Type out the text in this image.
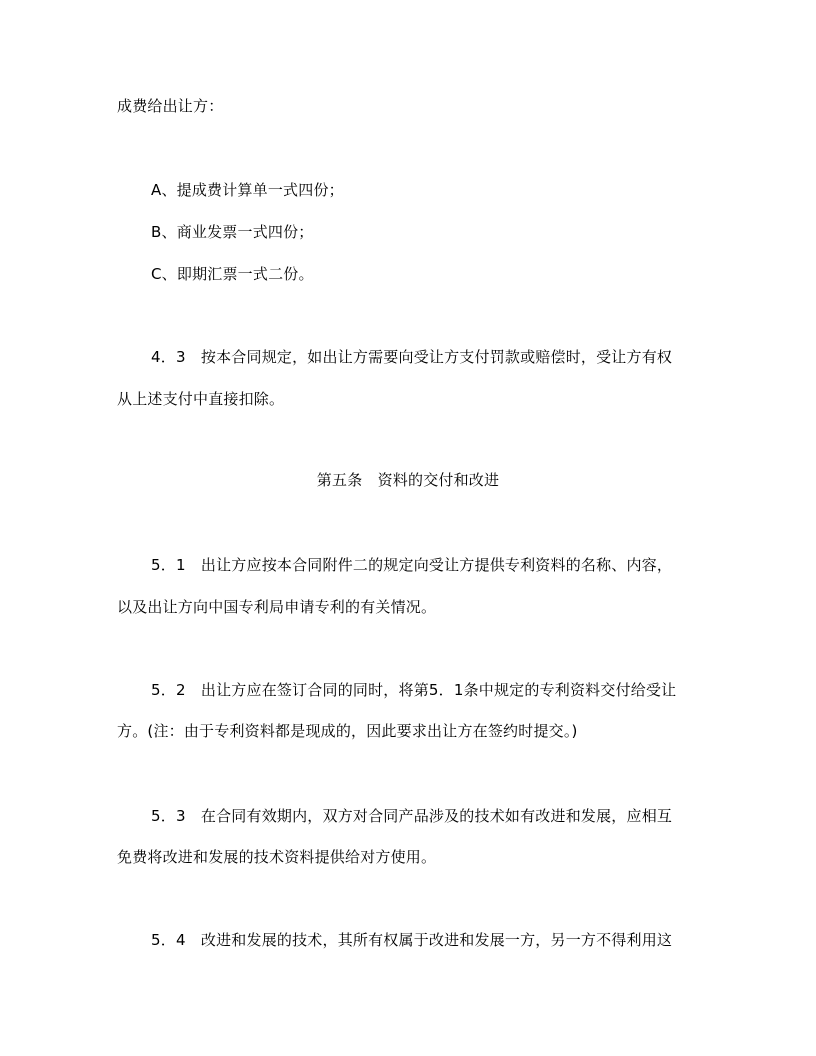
成费给出让方：
A、提成费计算单一式四份；
B、商业发票一式四份；
C、即期汇票一式二份。
4．3　按本合同规定，如出让方需要向受让方支付罚款或赔偿时，受让方有权
从上述支付中直接扣除。
第五条　资料的交付和改进
5．1　出让方应按本合同附件二的规定向受让方提供专利资料的名称、内容，
以及出让方向中国专利局申请专利的有关情况。
5．2　出让方应在签订合同的同时，将第5．1条中规定的专利资料交付给受让
方。(注：由于专利资料都是现成的，因此要求出让方在签约时提交。)
5．3　在合同有效期内，双方对合同产品涉及的技术如有改进和发展，应相互
免费将改进和发展的技术资料提供给对方使用。
5．4　改进和发展的技术，其所有权属于改进和发展一方，另一方不得利用这
